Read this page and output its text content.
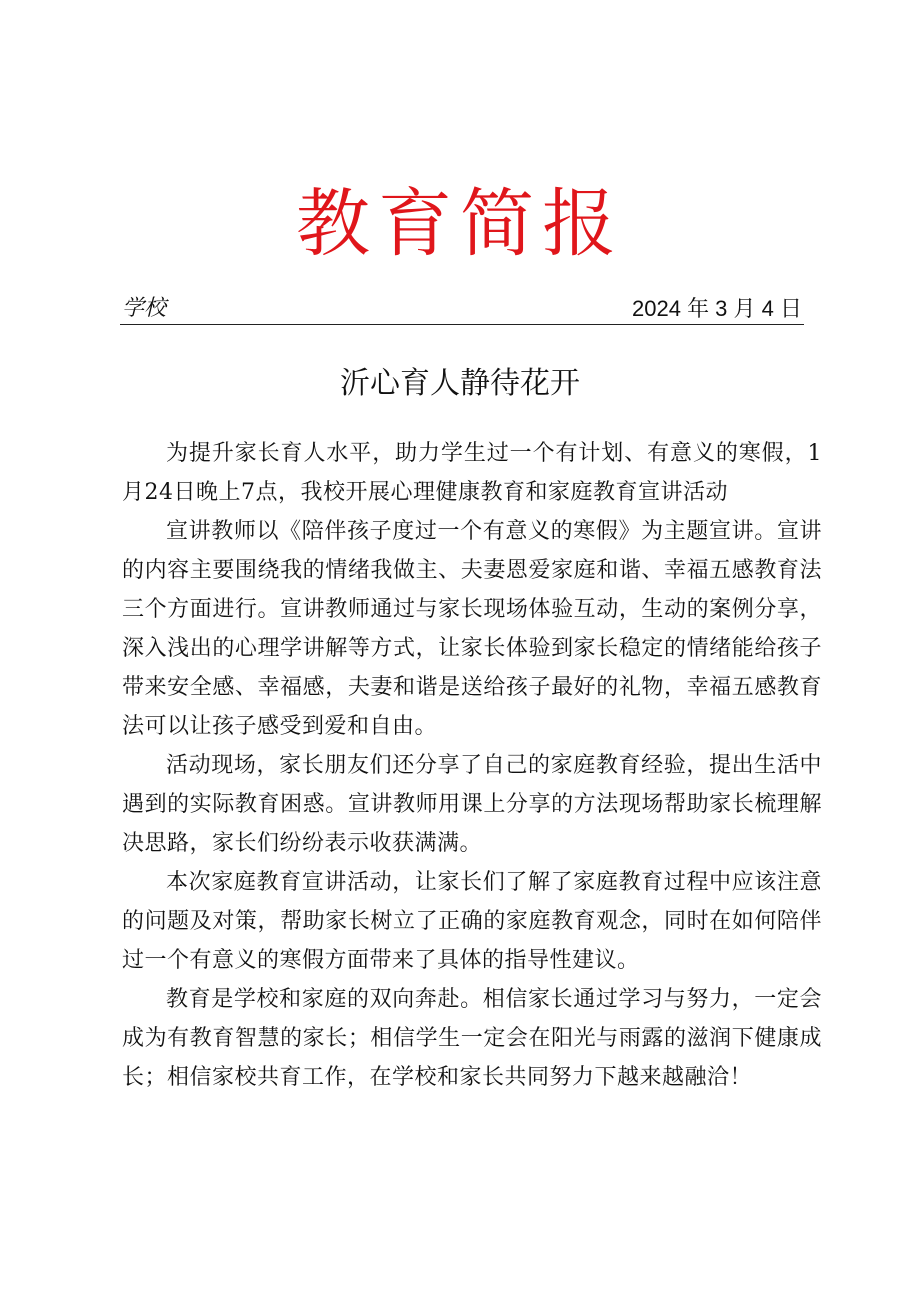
教育简报
学校	2024 年 3 月 4 日
沂心育人静待花开

为提升家长育人水平，助力学生过一个有计划、有意义的寒假，1月24日晚上7点，我校开展心理健康教育和家庭教育宣讲活动

宣讲教师以《陪伴孩子度过一个有意义的寒假》为主题宣讲。宣讲的内容主要围绕我的情绪我做主、夫妻恩爱家庭和谐、幸福五感教育法三个方面进行。宣讲教师通过与家长现场体验互动，生动的案例分享，深入浅出的心理学讲解等方式，让家长体验到家长稳定的情绪能给孩子带来安全感、幸福感，夫妻和谐是送给孩子最好的礼物，幸福五感教育法可以让孩子感受到爱和自由。

活动现场，家长朋友们还分享了自己的家庭教育经验，提出生活中遇到的实际教育困惑。宣讲教师用课上分享的方法现场帮助家长梳理解决思路，家长们纷纷表示收获满满。

本次家庭教育宣讲活动，让家长们了解了家庭教育过程中应该注意的问题及对策，帮助家长树立了正确的家庭教育观念，同时在如何陪伴过一个有意义的寒假方面带来了具体的指导性建议。

教育是学校和家庭的双向奔赴。相信家长通过学习与努力，一定会成为有教育智慧的家长；相信学生一定会在阳光与雨露的滋润下健康成长；相信家校共育工作，在学校和家长共同努力下越来越融洽！
